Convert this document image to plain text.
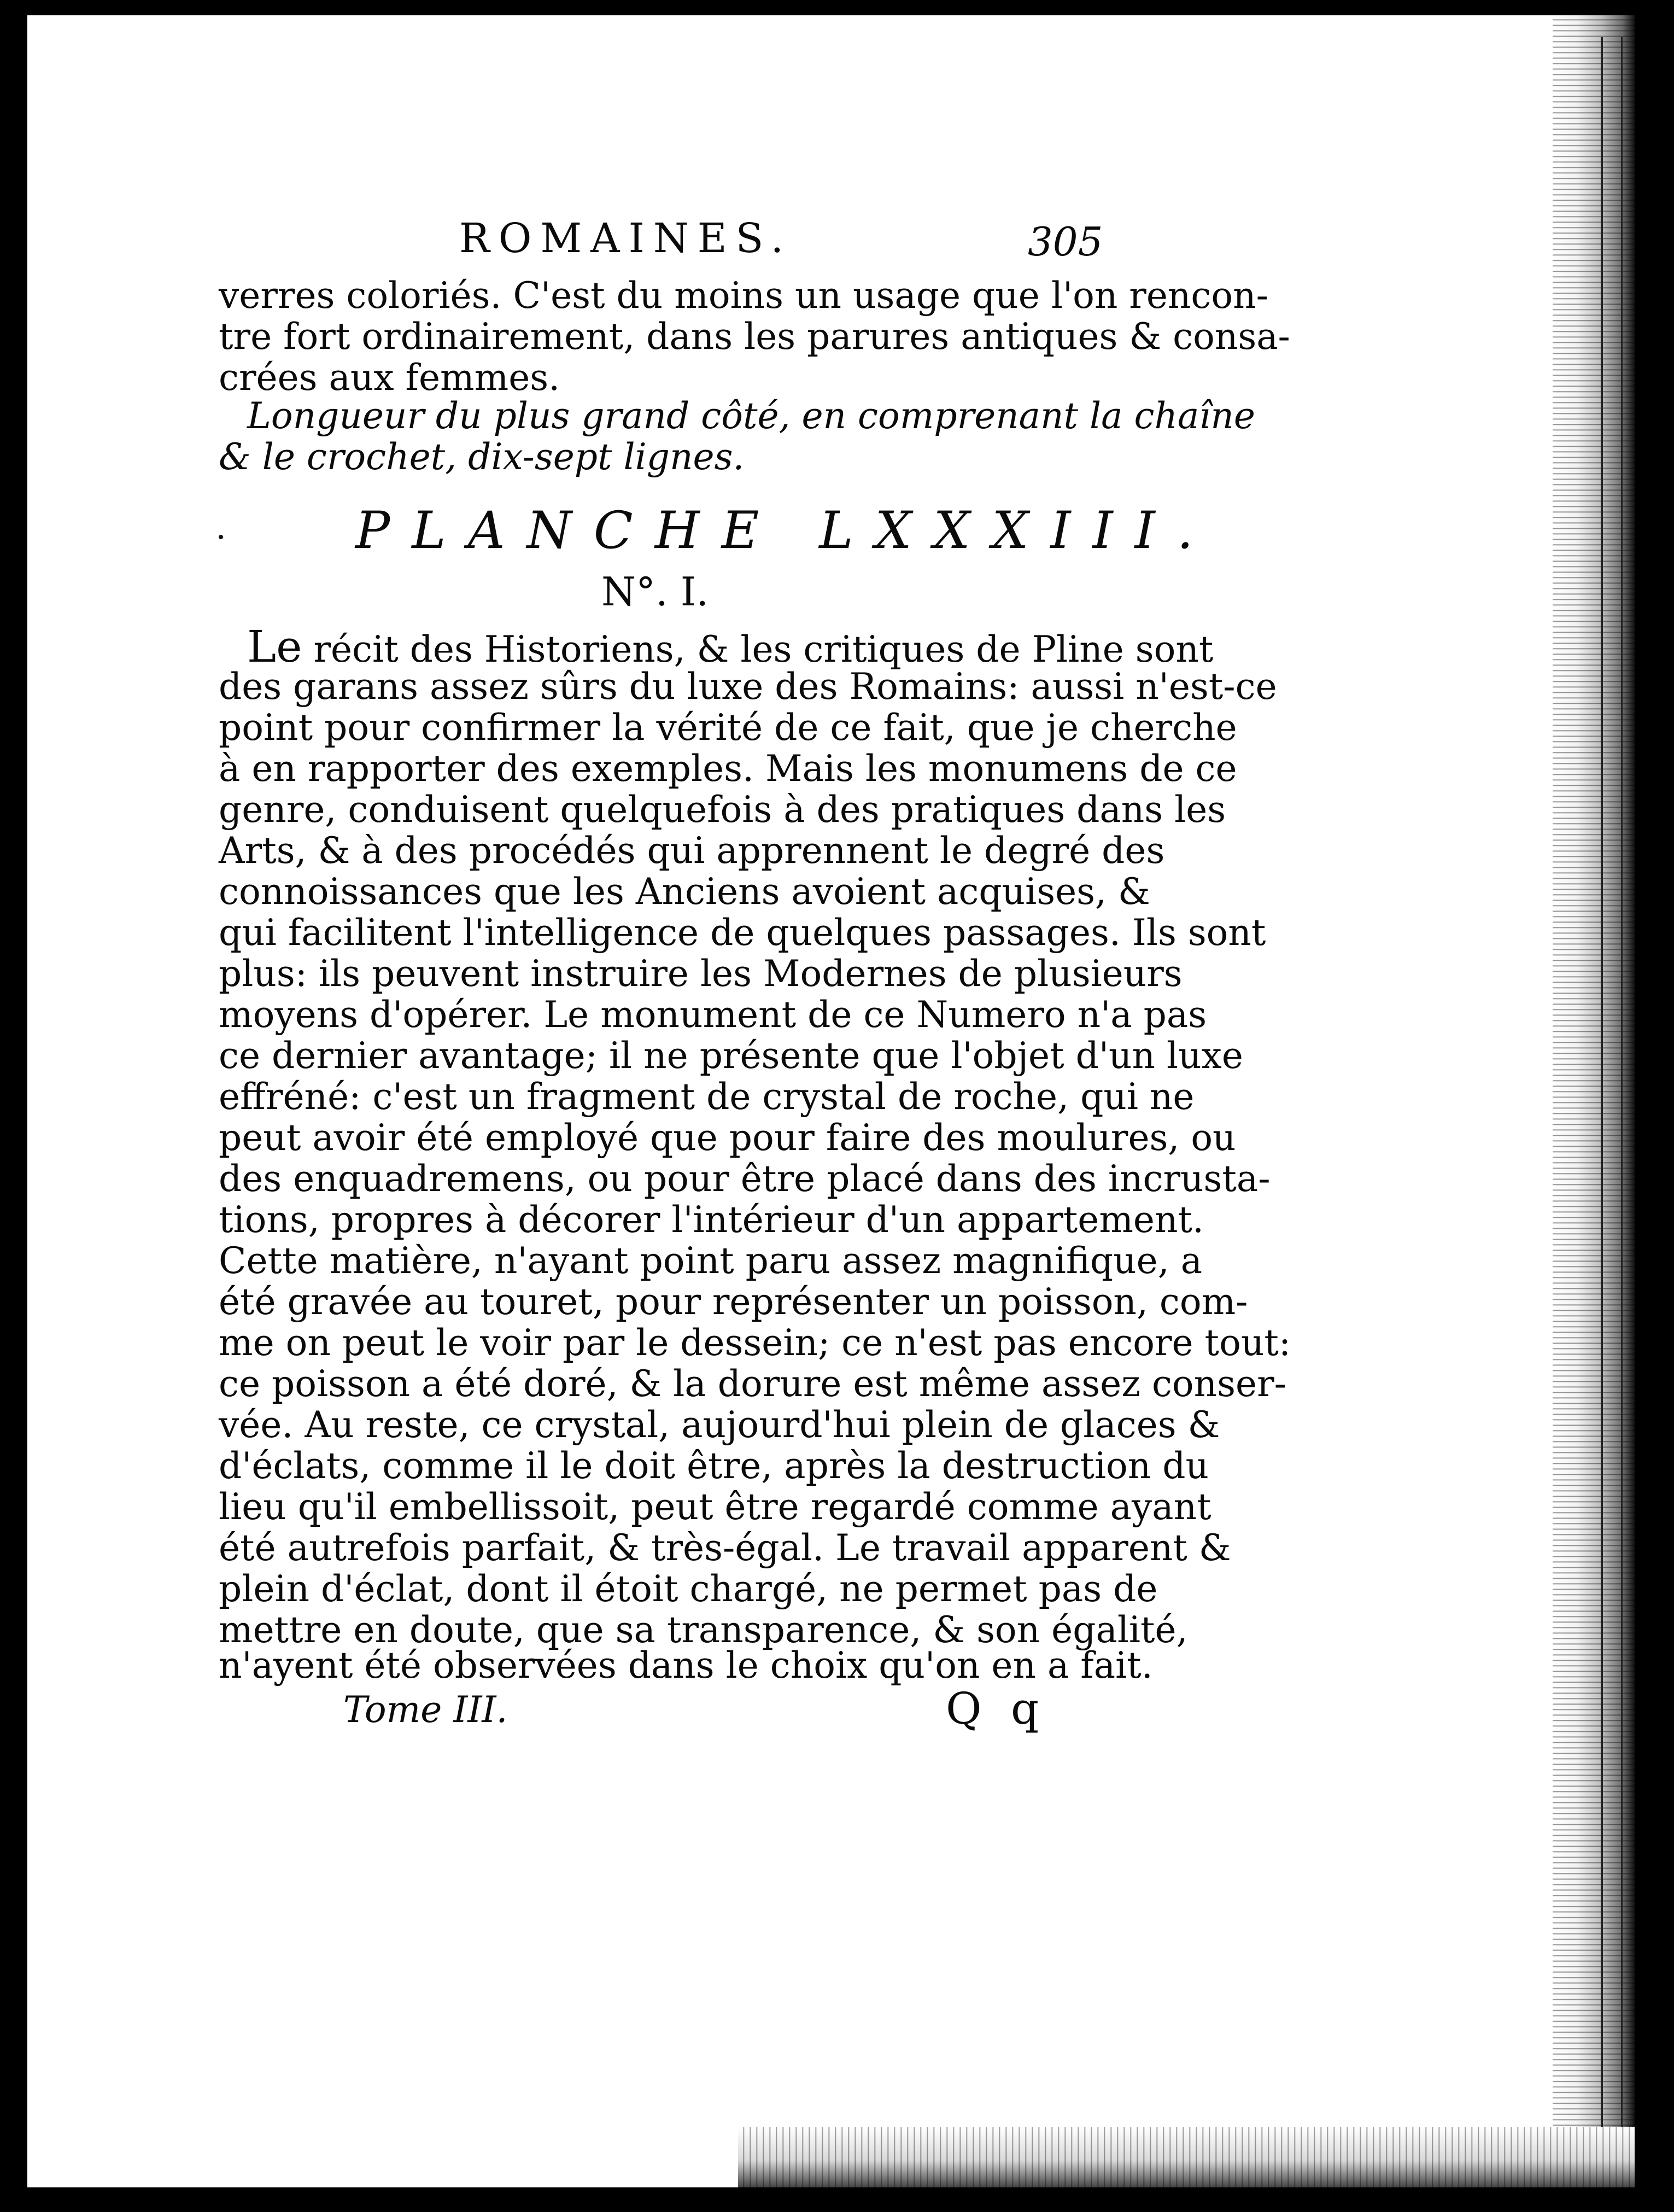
ROMAINES.	305
verres coloriés. C'est du moins un usage que l'on rencon-
tre fort ordinairement, dans les parures antiques & consa-
crées aux femmes.
Longueur du plus grand côté, en comprenant la chaîne
& le crochet, dix-sept lignes.
PLANCHE LXXXIII.
N°. I.
Le récit des Historiens, & les critiques de Pline sont
des garans assez sûrs du luxe des Romains: aussi n'est-ce
point pour confirmer la vérité de ce fait, que je cherche
à en rapporter des exemples. Mais les monumens de ce
genre, conduisent quelquefois à des pratiques dans les
Arts, & à des procédés qui apprennent le degré des
connoissances que les Anciens avoient acquises, &
qui facilitent l'intelligence de quelques passages. Ils sont
plus: ils peuvent instruire les Modernes de plusieurs
moyens d'opérer. Le monument de ce Numero n'a pas
ce dernier avantage; il ne présente que l'objet d'un luxe
effréné: c'est un fragment de crystal de roche, qui ne
peut avoir été employé que pour faire des moulures, ou
des enquadremens, ou pour être placé dans des incrusta-
tions, propres à décorer l'intérieur d'un appartement.
Cette matière, n'ayant point paru assez magnifique, a
été gravée au touret, pour représenter un poisson, com-
me on peut le voir par le dessein; ce n'est pas encore tout:
ce poisson a été doré, & la dorure est même assez conser-
vée. Au reste, ce crystal, aujourd'hui plein de glaces &
d'éclats, comme il le doit être, après la destruction du
lieu qu'il embellissoit, peut être regardé comme ayant
été autrefois parfait, & très-égal. Le travail apparent &
plein d'éclat, dont il étoit chargé, ne permet pas de
mettre en doute, que sa transparence, & son égalité,
n'ayent été observées dans le choix qu'on en a fait.
Tome III.	Q q
